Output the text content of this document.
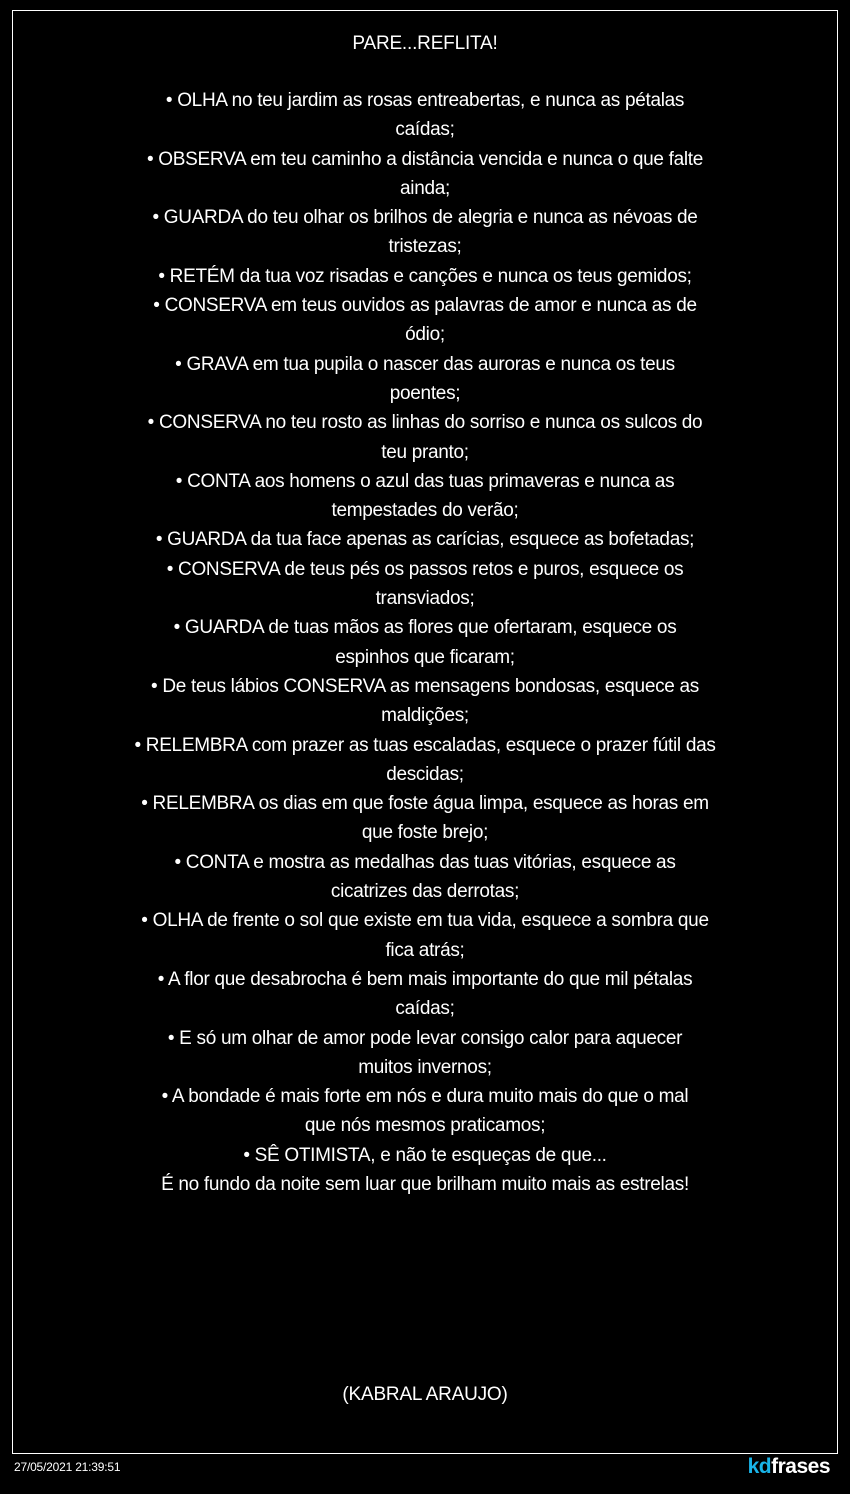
PARE...REFLITA!
• OLHA no teu jardim as rosas entreabertas, e nunca as pétalas
caídas;
• OBSERVA em teu caminho a distância vencida e nunca o que falte
ainda;
• GUARDA do teu olhar os brilhos de alegria e nunca as névoas de
tristezas;
• RETÉM da tua voz risadas e canções e nunca os teus gemidos;
• CONSERVA em teus ouvidos as palavras de amor e nunca as de
ódio;
• GRAVA em tua pupila o nascer das auroras e nunca os teus
poentes;
• CONSERVA no teu rosto as linhas do sorriso e nunca os sulcos do
teu pranto;
• CONTA aos homens o azul das tuas primaveras e nunca as
tempestades do verão;
• GUARDA da tua face apenas as carícias, esquece as bofetadas;
• CONSERVA de teus pés os passos retos e puros, esquece os
transviados;
• GUARDA de tuas mãos as flores que ofertaram, esquece os
espinhos que ficaram;
• De teus lábios CONSERVA as mensagens bondosas, esquece as
maldições;
• RELEMBRA com prazer as tuas escaladas, esquece o prazer fútil das
descidas;
• RELEMBRA os dias em que foste água limpa, esquece as horas em
que foste brejo;
• CONTA e mostra as medalhas das tuas vitórias, esquece as
cicatrizes das derrotas;
• OLHA de frente o sol que existe em tua vida, esquece a sombra que
fica atrás;
• A flor que desabrocha é bem mais importante do que mil pétalas
caídas;
• E só um olhar de amor pode levar consigo calor para aquecer
muitos invernos;
• A bondade é mais forte em nós e dura muito mais do que o mal
que nós mesmos praticamos;
• SÊ OTIMISTA, e não te esqueças de que...
É no fundo da noite sem luar que brilham muito mais as estrelas!
(KABRAL ARAUJO)
27/05/2021 21:39:51	kdfrases
